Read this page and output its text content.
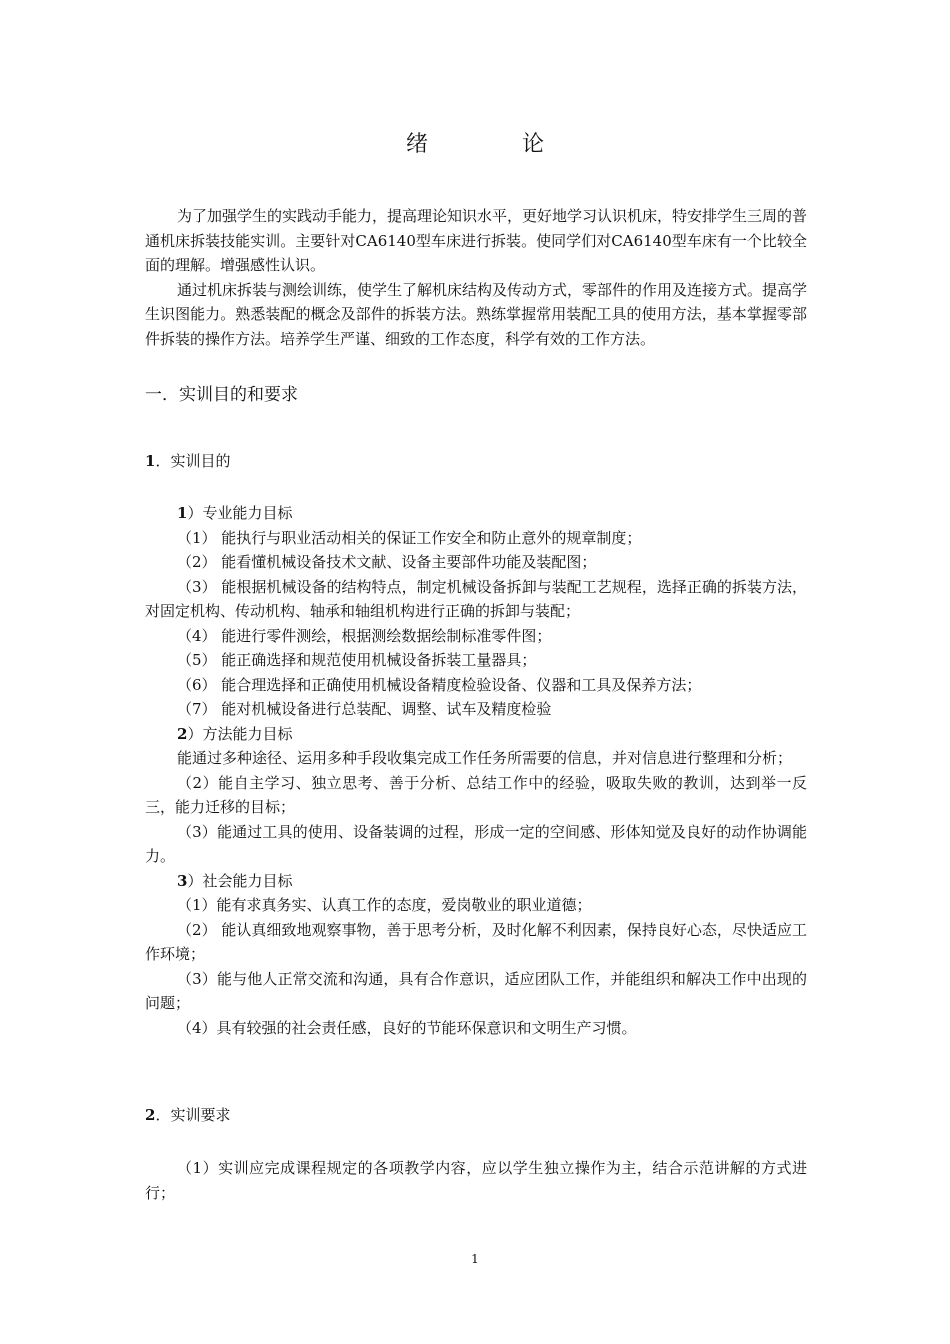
绪　论

为了加强学生的实践动手能力，提高理论知识水平，更好地学习认识机床，特安排学生三周的普通机床拆装技能实训。主要针对CA6140型车床进行拆装。使同学们对CA6140型车床有一个比较全面的理解。增强感性认识。

通过机床拆装与测绘训练，使学生了解机床结构及传动方式，零部件的作用及连接方式。提高学生识图能力。熟悉装配的概念及部件的拆装方法。熟练掌握常用装配工具的使用方法，基本掌握零部件拆装的操作方法。培养学生严谨、细致的工作态度，科学有效的工作方法。

一．实训目的和要求
1．实训目的

1）专业能力目标

（1） 能执行与职业活动相关的保证工作安全和防止意外的规章制度；

（2） 能看懂机械设备技术文献、设备主要部件功能及装配图；

（3） 能根据机械设备的结构特点，制定机械设备拆卸与装配工艺规程，选择正确的拆装方法，对固定机构、传动机构、轴承和轴组机构进行正确的拆卸与装配；

（4） 能进行零件测绘，根据测绘数据绘制标准零件图；

（5） 能正确选择和规范使用机械设备拆装工量器具；

（6） 能合理选择和正确使用机械设备精度检验设备、仪器和工具及保养方法；

（7） 能对机械设备进行总装配、调整、试车及精度检验

2）方法能力目标

能通过多种途径、运用多种手段收集完成工作任务所需要的信息，并对信息进行整理和分析；

（2）能自主学习、独立思考、善于分析、总结工作中的经验，吸取失败的教训，达到举一反三，能力迁移的目标；

（3）能通过工具的使用、设备装调的过程，形成一定的空间感、形体知觉及良好的动作协调能力。

3）社会能力目标

（1）能有求真务实、认真工作的态度，爱岗敬业的职业道德；

（2） 能认真细致地观察事物，善于思考分析，及时化解不利因素，保持良好心态，尽快适应工作环境；

（3）能与他人正常交流和沟通，具有合作意识，适应团队工作，并能组织和解决工作中出现的问题；

（4）具有较强的社会责任感，良好的节能环保意识和文明生产习惯。

2．实训要求

（1）实训应完成课程规定的各项教学内容，应以学生独立操作为主，结合示范讲解的方式进行；

1
